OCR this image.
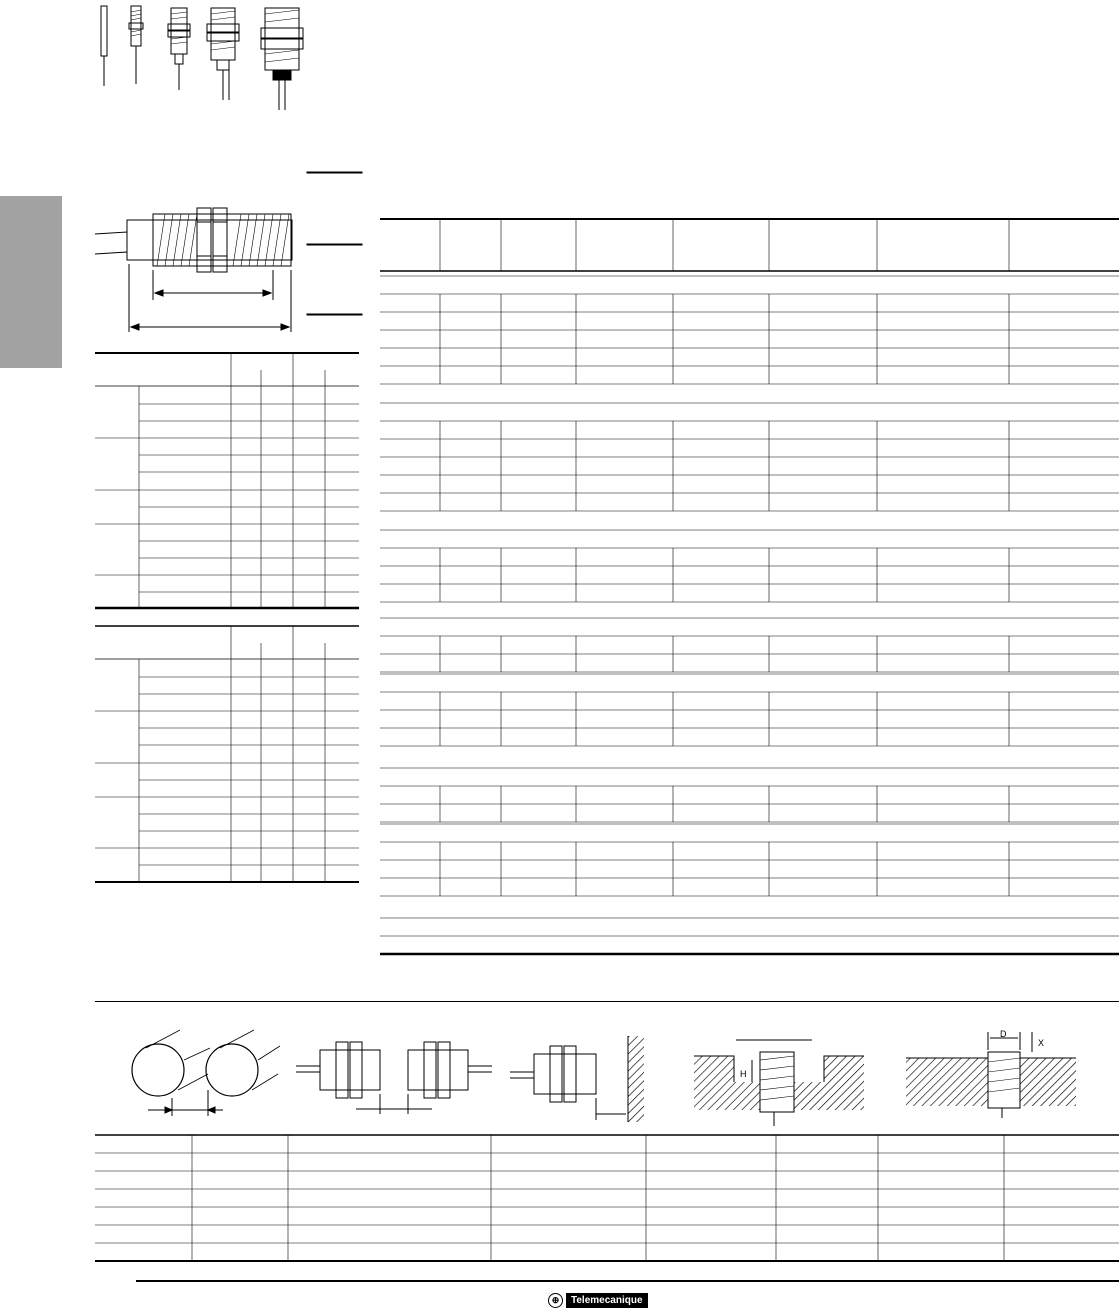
H
D
X
⊕	Telemecanique
